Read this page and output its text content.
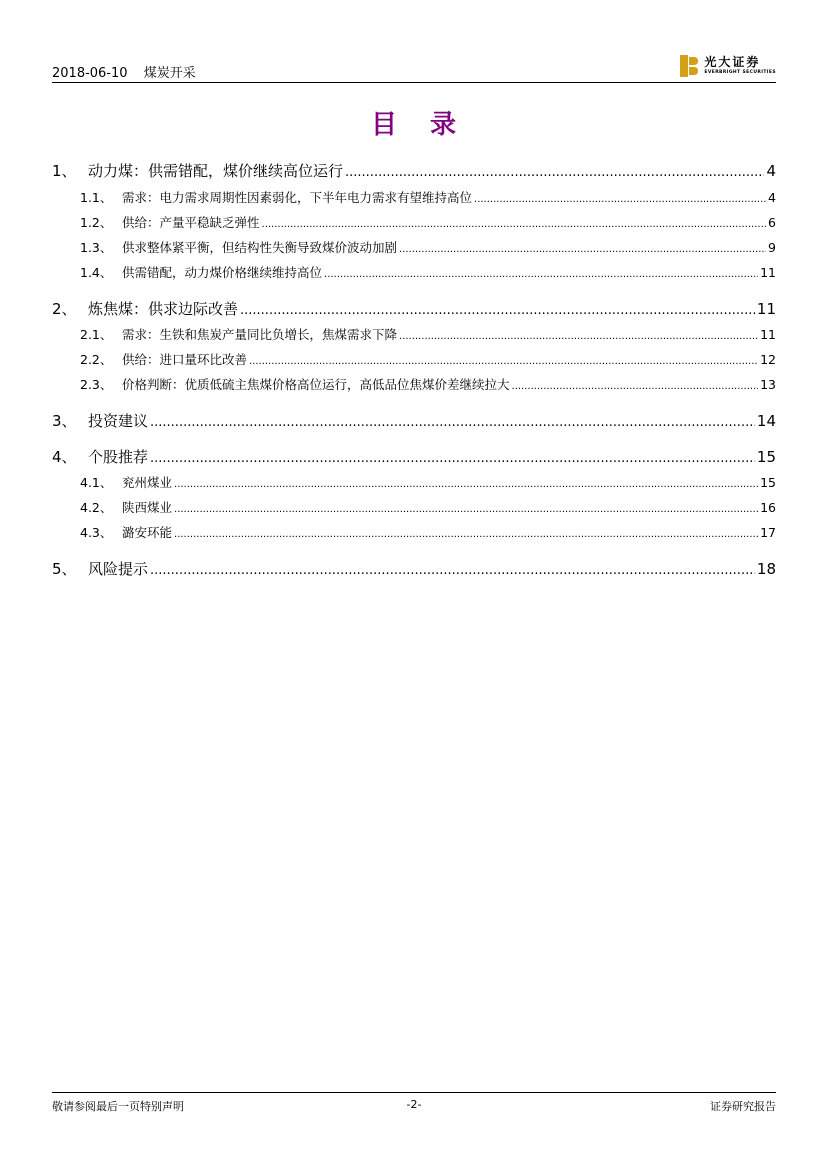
2018-06-10 煤炭开采
光大证券
EVERBRIGHT SECURITIES
目 录
1、 动力煤：供需错配，煤价继续高位运行 .....	4
1.1、 需求：电力需求周期性因素弱化，下半年电力需求有望维持高位 .....	4
1.2、 供给：产量平稳缺乏弹性 .....	6
1.3、 供求整体紧平衡，但结构性失衡导致煤价波动加剧 .....	9
1.4、 供需错配，动力煤价格继续维持高位 .....	11
2、 炼焦煤：供求边际改善 .....	11
2.1、 需求：生铁和焦炭产量同比负增长，焦煤需求下降 .....	11
2.2、 供给：进口量环比改善 .....	12
2.3、 价格判断：优质低硫主焦煤价格高位运行，高低品位焦煤价差继续拉大 .....	13
3、 投资建议 .....	14
4、 个股推荐 .....	15
4.1、 兖州煤业 .....	15
4.2、 陕西煤业 .....	16
4.3、 潞安环能 .....	17
5、 风险提示 .....	18
敬请参阅最后一页特别声明	-2-	证券研究报告
